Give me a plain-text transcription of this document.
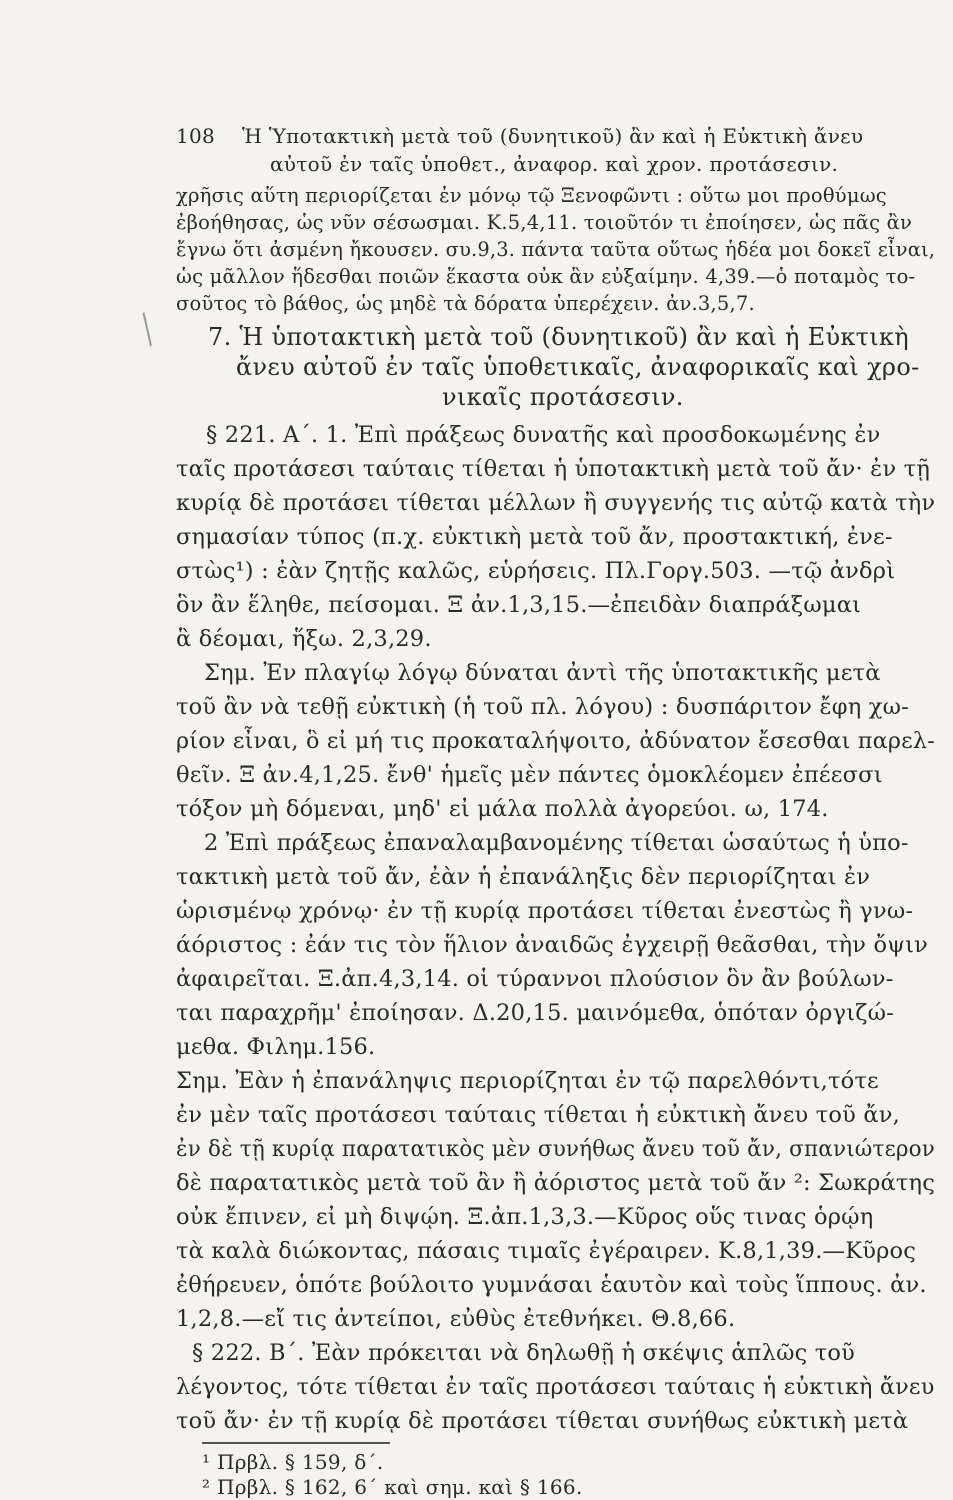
108 Ἡ Ὑποτακτικὴ μετὰ τοῦ (δυνητικοῦ) ἂν καὶ ἡ Εὐκτικὴ ἄνευ
αὐτοῦ ἐν ταῖς ὑποθετ., ἀναφορ. καὶ χρον. προτάσεσιν.
χρῆσις αὕτη περιορίζεται ἐν μόνῳ τῷ Ξενοφῶντι : οὕτω μοι προθύμως
ἐβοήθησας, ὡς νῦν σέσωσμαι. Κ.5,4,11. τοιοῦτόν τι ἐποίησεν, ὡς πᾶς ἂν
ἔγνω ὅτι ἀσμένη ἤκουσεν. συ.9,3. πάντα ταῦτα οὕτως ἡδέα μοι δοκεῖ εἶναι,
ὡς μᾶλλον ἥδεσθαι ποιῶν ἕκαστα οὐκ ἂν εὐξαίμην. 4,39.—ὁ ποταμὸς το-
σοῦτος τὸ βάθος, ὡς μηδὲ τὰ δόρατα ὑπερέχειν. ἀν.3,5,7.
╱ 7. Ἡ ὑποτακτικὴ μετὰ τοῦ (δυνητικοῦ) ἂν καὶ ἡ Εὐκτικὴ
ἄνευ αὐτοῦ ἐν ταῖς ὑποθετικαῖς, ἀναφορικαῖς καὶ χρο-
νικαῖς προτάσεσιν.
§ 221. Α΄. 1. Ἐπὶ πράξεως δυνατῆς καὶ προσδοκωμένης ἐν
ταῖς προτάσεσι ταύταις τίθεται ἡ ὑποτακτικὴ μετὰ τοῦ ἄν· ἐν τῇ
κυρίᾳ δὲ προτάσει τίθεται μέλλων ἢ συγγενής τις αὐτῷ κατὰ τὴν
σημασίαν τύπος (π.χ. εὐκτικὴ μετὰ τοῦ ἄν, προστακτική, ἐνε-
στὼς¹) : ἐὰν ζητῇς καλῶς, εὑρήσεις. Πλ.Γοργ.503. —τῷ ἀνδρὶ
ὃν ἂν ἕληθε, πείσομαι. Ξ ἀν.1,3,15.—ἐπειδὰν διαπράξωμαι
ἃ δέομαι, ἥξω. 2,3,29.
Σημ. Ἐν πλαγίῳ λόγῳ δύναται ἀντὶ τῆς ὑποτακτικῆς μετὰ
τοῦ ἂν νὰ τεθῇ εὐκτικὴ (ἡ τοῦ πλ. λόγου) : δυσπάριτον ἔφη χω-
ρίον εἶναι, ὃ εἰ μή τις προκαταλήψοιτο, ἀδύνατον ἔσεσθαι παρελ-
θεῖν. Ξ ἀν.4,1,25. ἔνθ' ἡμεῖς μὲν πάντες ὁμοκλέομεν ἐπέεσσι
τόξον μὴ δόμεναι, μηδ' εἰ μάλα πολλὰ ἀγορεύοι. ω, 174.
2 Ἐπὶ πράξεως ἐπαναλαμβανομένης τίθεται ὡσαύτως ἡ ὑπο-
τακτικὴ μετὰ τοῦ ἄν, ἐὰν ἡ ἐπανάληξις δὲν περιορίζηται ἐν
ὡρισμένῳ χρόνῳ· ἐν τῇ κυρίᾳ προτάσει τίθεται ἐνεστὼς ἢ γνω-
άόριστος : ἐάν τις τὸν ἥλιον ἀναιδῶς ἐγχειρῇ θεᾶσθαι, τὴν ὄψιν
ἀφαιρεῖται. Ξ.ἀπ.4,3,14. οἱ τύραννοι πλούσιον ὃν ἂν βούλων-
ται παραχρῆμ' ἐποίησαν. Δ.20,15. μαινόμεθα, ὁπόταν ὀργιζώ-
μεθα. Φιλημ.156.
Σημ. Ἐὰν ἡ ἐπανάληψις περιορίζηται ἐν τῷ παρελθόντι,τότε
ἐν μὲν ταῖς προτάσεσι ταύταις τίθεται ἡ εὐκτικὴ ἄνευ τοῦ ἄν,
ἐν δὲ τῇ κυρίᾳ παρατατικὸς μὲν συνήθως ἄνευ τοῦ ἄν, σπανιώτερον
δὲ παρατατικὸς μετὰ τοῦ ἂν ἢ ἀόριστος μετὰ τοῦ ἄν ²: Σωκράτης
οὐκ ἔπινεν, εἰ μὴ διψῴη. Ξ.ἀπ.1,3,3.—Κῦρος οὕς τινας ὁρῴη
τὰ καλὰ διώκοντας, πάσαις τιμαῖς ἐγέραιρεν. Κ.8,1,39.—Κῦρος
ἐθήρευεν, ὁπότε βούλοιτο γυμνάσαι ἑαυτὸν καὶ τοὺς ἵππους. ἀν.
1,2,8.—εἴ τις ἀντείποι, εὐθὺς ἐτεθνήκει. Θ.8,66.
§ 222. Β΄. Ἐὰν πρόκειται νὰ δηλωθῇ ἡ σκέψις ἁπλῶς τοῦ
λέγοντος, τότε τίθεται ἐν ταῖς προτάσεσι ταύταις ἡ εὐκτικὴ ἄνευ
τοῦ ἄν· ἐν τῇ κυρίᾳ δὲ προτάσει τίθεται συνήθως εὐκτικὴ μετὰ
¹ Πρβλ. § 159, δ΄.
² Πρβλ. § 162, 6΄ καὶ σημ. καὶ § 166.
